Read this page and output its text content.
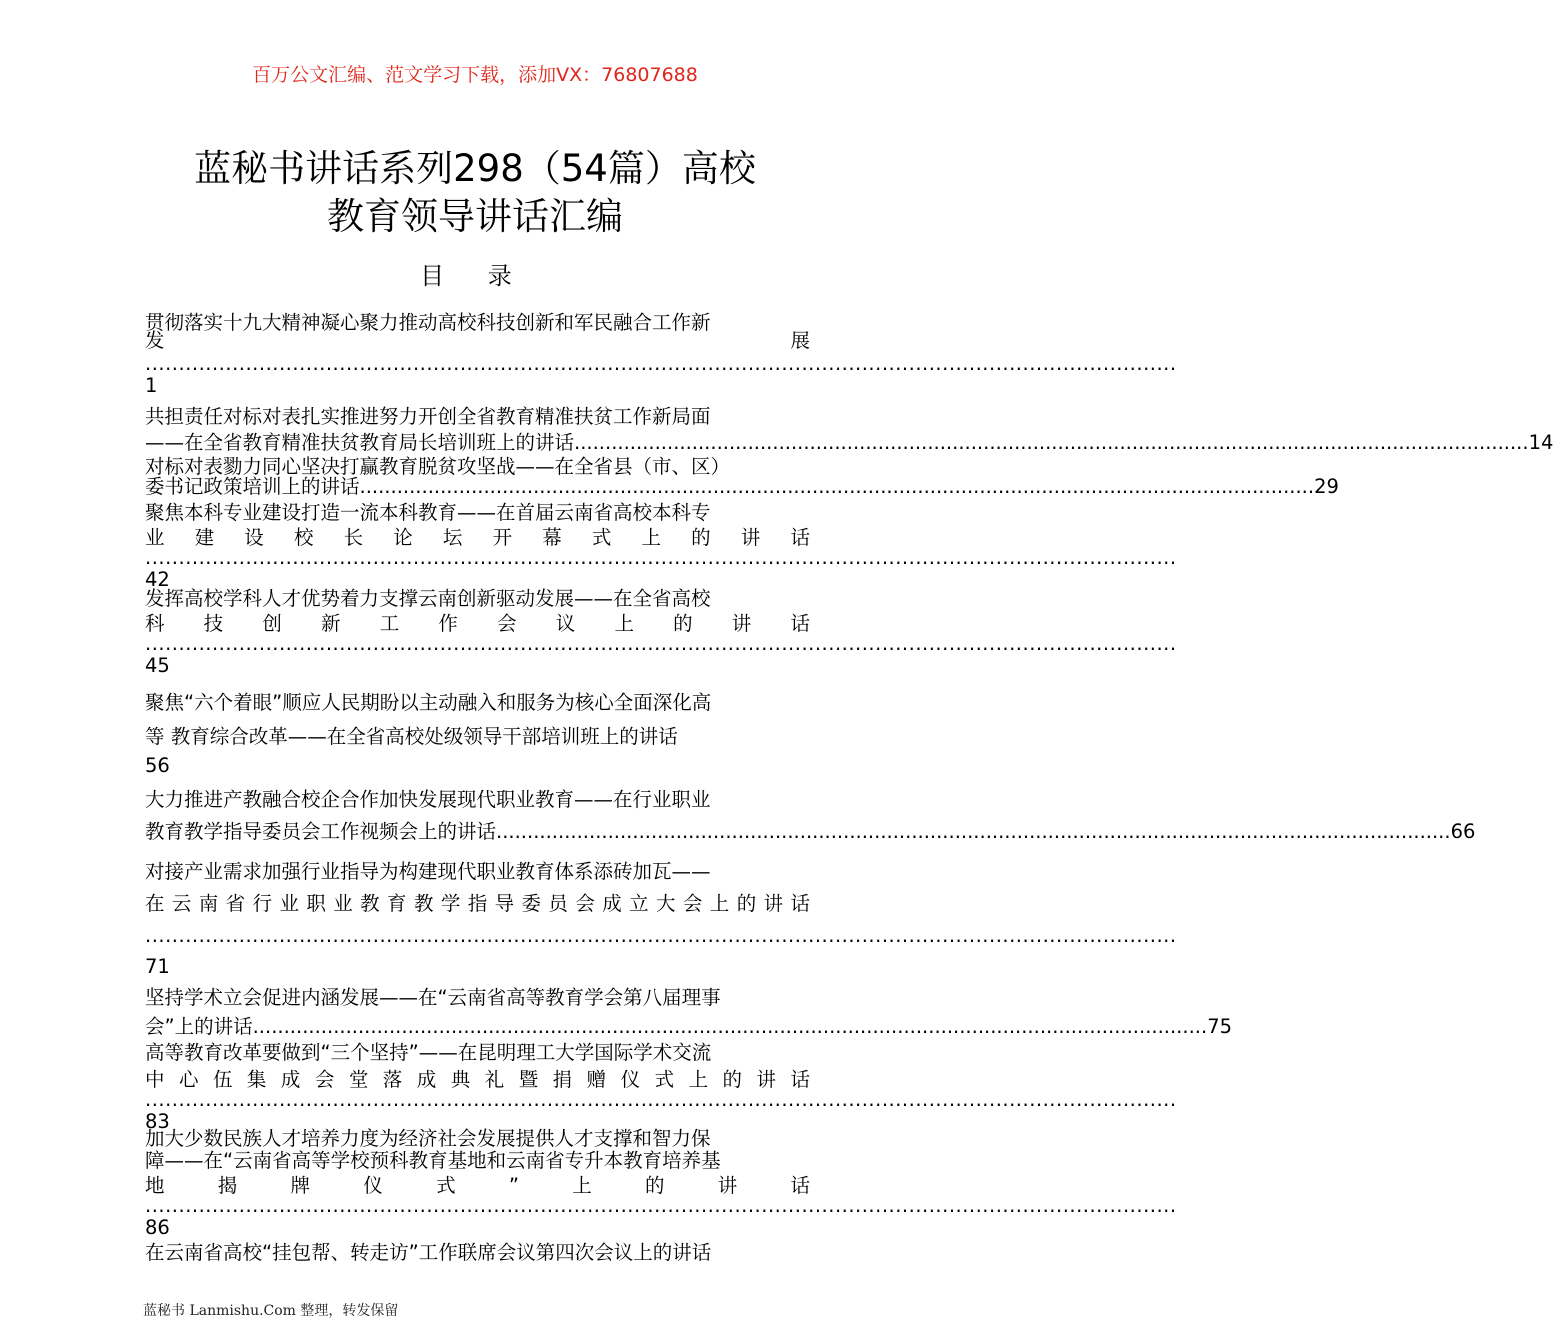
百万公文汇编、范文学习下载，添加VX：76807688
蓝秘书讲话系列298（54篇）高校
教育领导讲话汇编
目 录
贯彻落实十九大精神凝心聚力推动高校科技创新和军民融合工作新
发	展
..........................................................................................................................................................
1
共担责任对标对表扎实推进努力开创全省教育精准扶贫工作新局面
——在全省教育精准扶贫教育局长培训班上的讲话 .......................................................................................................................................................... 14
对标对表勠力同心坚决打赢教育脱贫攻坚战——在全省县（市、区）
委书记政策培训上的讲话 .......................................................................................................................................................... 29
聚焦本科专业建设打造一流本科教育——在首届云南省高校本科专
业建设校长论坛开幕式上的讲话
..........................................................................................................................................................
42
发挥高校学科人才优势着力支撑云南创新驱动发展——在全省高校
科技创新工作会议上的讲话
..........................................................................................................................................................
45
聚焦“六个着眼”顺应人民期盼以主动融入和服务为核心全面深化高
等 教育综合改革——在全省高校处级领导干部培训班上的讲话
56
大力推进产教融合校企合作加快发展现代职业教育——在行业职业
教育教学指导委员会工作视频会上的讲话 .......................................................................................................................................................... 66
对接产业需求加强行业指导为构建现代职业教育体系添砖加瓦——
在云南省行业职业教育教学指导委员会成立大会上的讲话
..........................................................................................................................................................
71
坚持学术立会促进内涵发展——在“云南省高等教育学会第八届理事
会”上的讲话 .......................................................................................................................................................... 75
高等教育改革要做到“三个坚持”——在昆明理工大学国际学术交流
中心伍集成会堂落成典礼暨捐赠仪式上的讲话
..........................................................................................................................................................
83
加大少数民族人才培养力度为经济社会发展提供人才支撑和智力保
障——在“云南省高等学校预科教育基地和云南省专升本教育培养基
地揭牌仪式”上的讲话
..........................................................................................................................................................
86
在云南省高校“挂包帮、转走访”工作联席会议第四次会议上的讲话
蓝秘书 Lanmishu.Com 整理，转发保留
